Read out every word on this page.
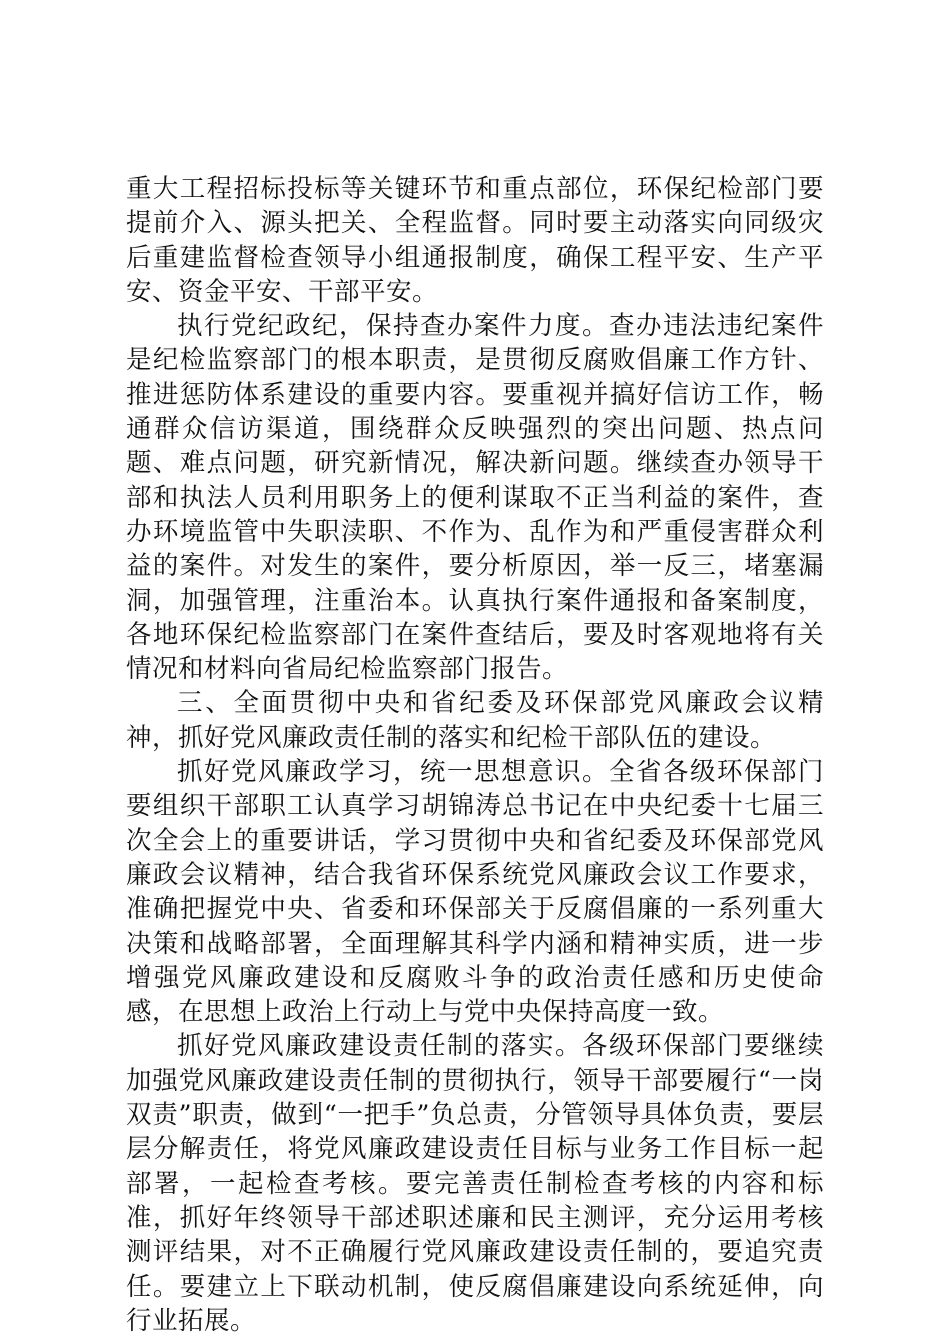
重大工程招标投标等关键环节和重点部位，环保纪检部门要提前介入、源头把关、全程监督。同时要主动落实向同级灾后重建监督检查领导小组通报制度，确保工程平安、生产平安、资金平安、干部平安。

执行党纪政纪，保持查办案件力度。查办违法违纪案件是纪检监察部门的根本职责，是贯彻反腐败倡廉工作方针、推进惩防体系建设的重要内容。要重视并搞好信访工作，畅通群众信访渠道，围绕群众反映强烈的突出问题、热点问题、难点问题，研究新情况，解决新问题。继续查办领导干部和执法人员利用职务上的便利谋取不正当利益的案件，查办环境监管中失职渎职、不作为、乱作为和严重侵害群众利益的案件。对发生的案件，要分析原因，举一反三，堵塞漏洞，加强管理，注重治本。认真执行案件通报和备案制度，各地环保纪检监察部门在案件查结后，要及时客观地将有关情况和材料向省局纪检监察部门报告。

三、全面贯彻中央和省纪委及环保部党风廉政会议精神，抓好党风廉政责任制的落实和纪检干部队伍的建设。

抓好党风廉政学习，统一思想意识。全省各级环保部门要组织干部职工认真学习胡锦涛总书记在中央纪委十七届三次全会上的重要讲话，学习贯彻中央和省纪委及环保部党风廉政会议精神，结合我省环保系统党风廉政会议工作要求，准确把握党中央、省委和环保部关于反腐倡廉的一系列重大决策和战略部署，全面理解其科学内涵和精神实质，进一步增强党风廉政建设和反腐败斗争的政治责任感和历史使命感，在思想上政治上行动上与党中央保持高度一致。

抓好党风廉政建设责任制的落实。各级环保部门要继续加强党风廉政建设责任制的贯彻执行，领导干部要履行“一岗双责”职责，做到“一把手”负总责，分管领导具体负责，要层层分解责任，将党风廉政建设责任目标与业务工作目标一起部署，一起检查考核。要完善责任制检查考核的内容和标准，抓好年终领导干部述职述廉和民主测评，充分运用考核测评结果，对不正确履行党风廉政建设责任制的，要追究责任。要建立上下联动机制，使反腐倡廉建设向系统延伸，向行业拓展。
